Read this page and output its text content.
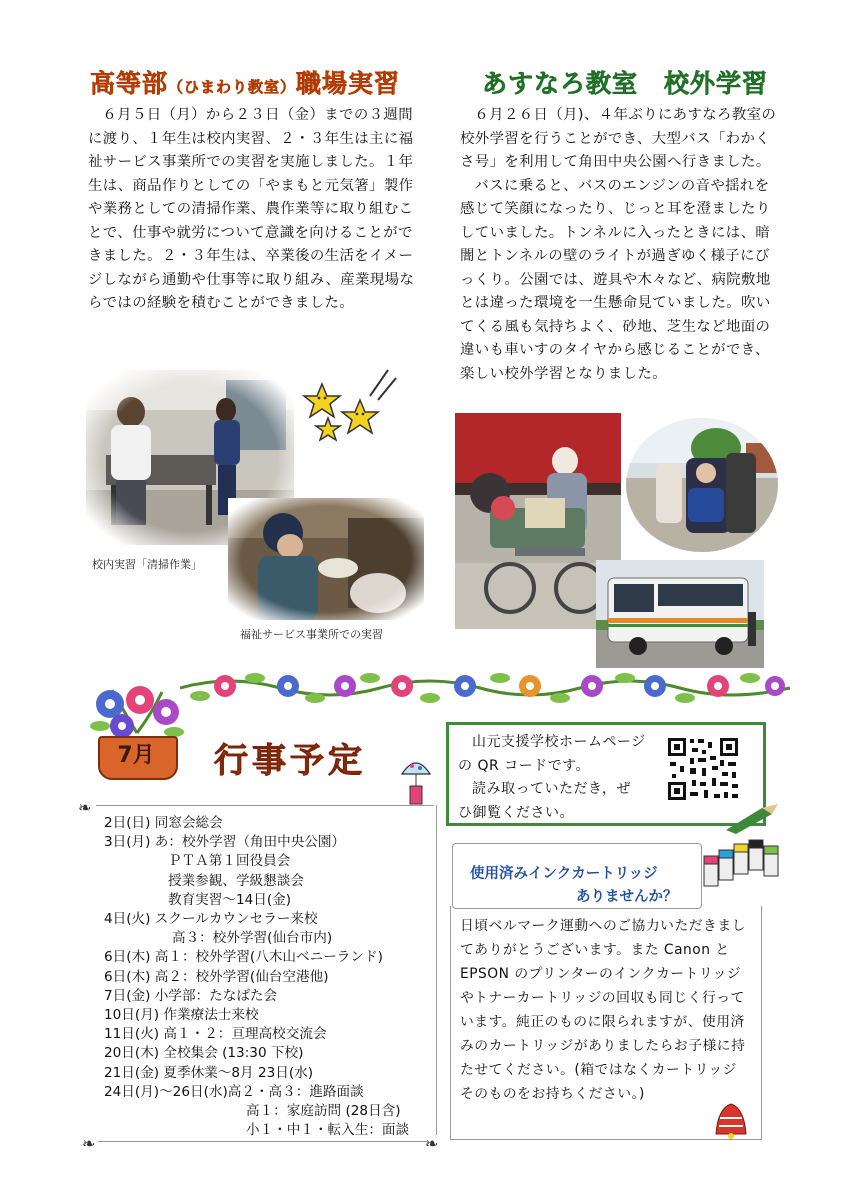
高等部（ひまわり教室）職場実習

６月５日（月）から２３日（金）までの３週間に渡り、１年生は校内実習、２・３年生は主に福祉サービス事業所での実習を実施しました。１年生は、商品作りとしての「やまもと元気箸」製作や業務としての清掃作業、農作業等に取り組むことで、仕事や就労について意識を向けることができました。２・３年生は、卒業後の生活をイメージしながら通勤や仕事等に取り組み、産業現場ならではの経験を積むことができました。

校内実習「清掃作業」
福祉サービス事業所での実習
あすなろ教室　校外学習

６月２６日（月)、４年ぶりにあすなろ教室の校外学習を行うことができ、大型バス「わかくさ号」を利用して角田中央公園へ行きました。

バスに乗ると、バスのエンジンの音や揺れを感じて笑顔になったり、じっと耳を澄ましたりしていました。トンネルに入ったときには、暗闇とトンネルの壁のライトが過ぎゆく様子にびっくり。公園では、遊具や木々など、病院敷地とは違った環境を一生懸命見ていました。吹いてくる風も気持ちよく、砂地、芝生など地面の違いも車いすのタイヤから感じることができ、楽しい校外学習となりました。

7月	行事予定
❧
❧	❧
2日(日) 同窓会総会
3日(月) あ：校外学習（角田中央公園）
ＰＴＡ第１回役員会
授業参観、学級懇談会
教育実習～14日(金)
4日(火) スクールカウンセラー来校
高３：校外学習(仙台市内)
6日(木) 高１：校外学習(八木山ベニーランド)
6日(木) 高２：校外学習(仙台空港他)
7日(金) 小学部：たなばた会
10日(月) 作業療法士来校
11日(火) 高１・２：亘理高校交流会
20日(木) 全校集会 (13:30 下校)
21日(金) 夏季休業～8月 23日(水)
24日(月)～26日(水)高２・高３：進路面談
高１：家庭訪問 (28日含)
小１・中１・転入生：面談
山元支援学校ホームページ
の QR コードです。
読み取っていただき，ぜ
ひ御覧ください。
使用済みインクカートリッジ
ありませんか？
日頃ベルマーク運動へのご協力いただきましてありがとうございます。また Canon と EPSON のプリンターのインクカートリッジやトナーカートリッジの回収も同じく行っています。純正のものに限られますが、使用済みのカートリッジがありましたらお子様に持たせてください。(箱ではなくカートリッジそのものをお持ちください。)
